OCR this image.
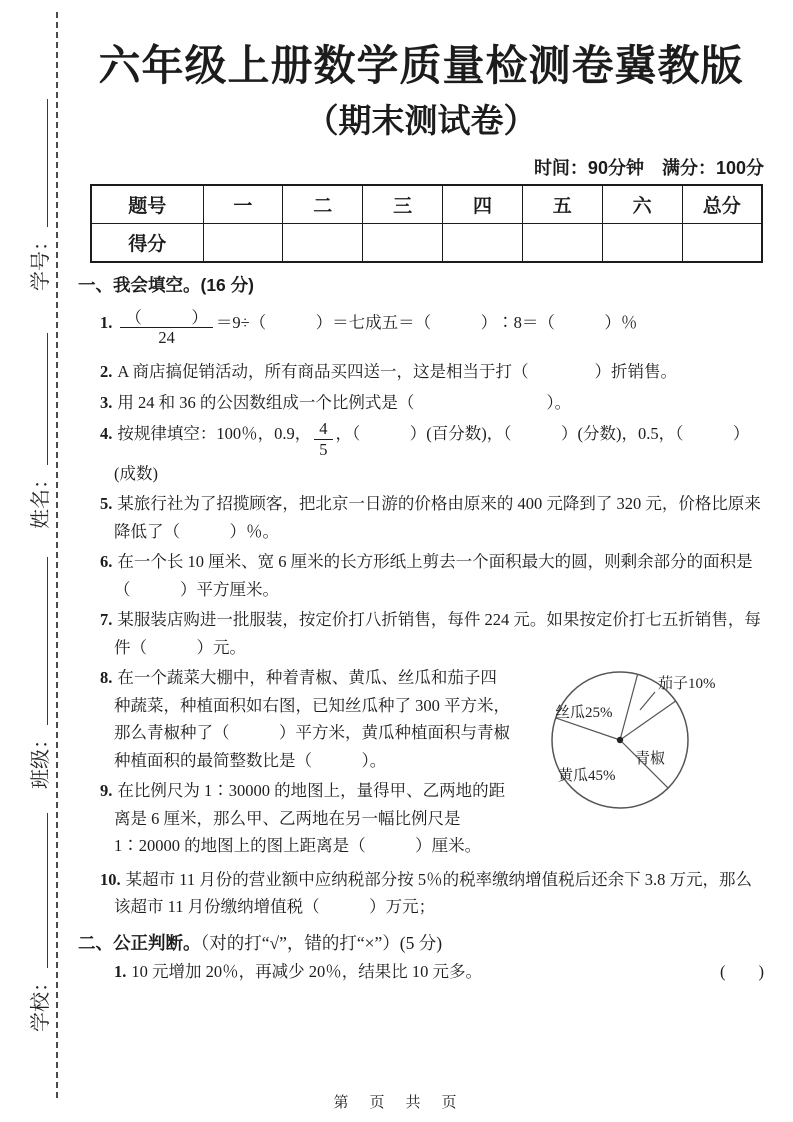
学校：
班级：
姓名：
学号：
六年级上册数学质量检测卷冀教版
（期末测试卷）
时间：90分钟　满分：100分
题号	一	二	三	四	五	六	总分
得分							
一、我会填空。(16 分)
1. $\frac{( )}{24} =9\div$（　　　）＝七成五＝（　　　）∶8＝（　　　）％
2. A 商店搞促销活动，所有商品买四送一，这是相当于打（　　　　）折销售。
3. 用 24 和 36 的公因数组成一个比例式是（　　　　　　　　）。
4. 按规律填空：100％，0.9， $\frac{4}{5}$ ，（　　　）(百分数)，（　　　）(分数)，0.5，（　　　）(成数)
5. 某旅行社为了招揽顾客，把北京一日游的价格由原来的 400 元降到了 320 元，价格比原来降低了（　　　）％。
6. 在一个长 10 厘米、宽 6 厘米的长方形纸上剪去一个面积最大的圆，则剩余部分的面积是（　　　）平方厘米。
7. 某服装店购进一批服装，按定价打八折销售，每件 224 元。如果按定价打七五折销售，每件（　　　）元。
茄子10%
丝瓜25%
青椒
黄瓜45%
8. 在一个蔬菜大棚中，种着青椒、黄瓜、丝瓜和茄子四种蔬菜，种植面积如右图，已知丝瓜种了 300 平方米，那么青椒种了（　　　）平方米，黄瓜种植面积与青椒种植面积的最简整数比是（　　　）。
9. 在比例尺为 1∶30000 的地图上，量得甲、乙两地的距离是 6 厘米，那么甲、乙两地在另一幅比例尺是 1∶20000 的地图上的图上距离是（　　　）厘米。
10. 某超市 11 月份的营业额中应纳税部分按 5％的税率缴纳增值税后还余下 3.8 万元，那么该超市 11 月份缴纳增值税（　　　）万元；
二、公正判断。（对的打“√”，错的打“×”）(5 分)
1. 10 元增加 20％，再减少 20％，结果比 10 元多。	(　　)
第　页　共　页
